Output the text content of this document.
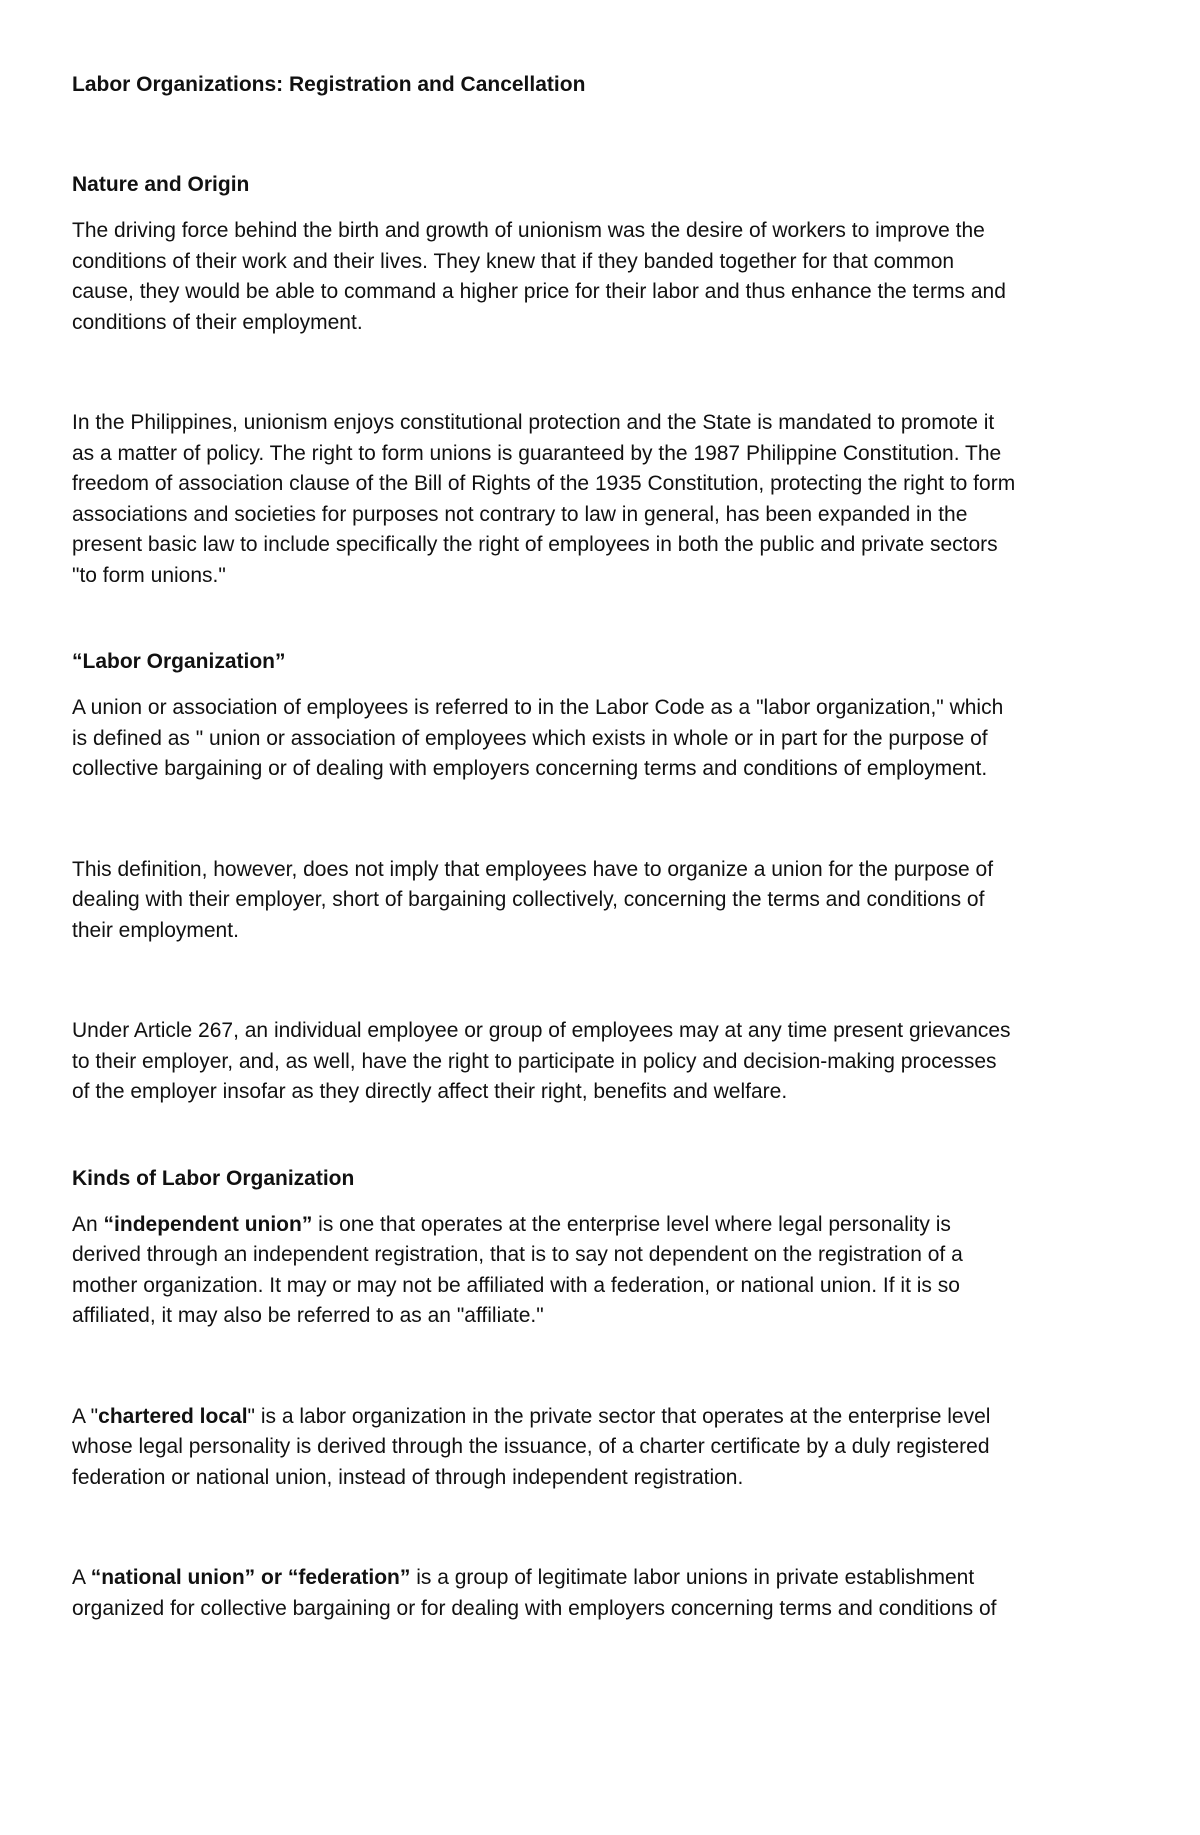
Labor Organizations: Registration and Cancellation
Nature and Origin

The driving force behind the birth and growth of unionism was the desire of workers to improve the
conditions of their work and their lives. They knew that if they banded together for that common
cause, they would be able to command a higher price for their labor and thus enhance the terms and
conditions of their employment.

In the Philippines, unionism enjoys constitutional protection and the State is mandated to promote it
as a matter of policy. The right to form unions is guaranteed by the 1987 Philippine Constitution. The
freedom of association clause of the Bill of Rights of the 1935 Constitution, protecting the right to form
associations and societies for purposes not contrary to law in general, has been expanded in the
present basic law to include specifically the right of employees in both the public and private sectors
"to form unions."

“Labor Organization”

A union or association of employees is referred to in the Labor Code as a "labor organization," which
is defined as " union or association of employees which exists in whole or in part for the purpose of
collective bargaining or of dealing with employers concerning terms and conditions of employment.

This definition, however, does not imply that employees have to organize a union for the purpose of
dealing with their employer, short of bargaining collectively, concerning the terms and conditions of
their employment.

Under Article 267, an individual employee or group of employees may at any time present grievances
to their employer, and, as well, have the right to participate in policy and decision-making processes
of the employer insofar as they directly affect their right, benefits and welfare.

Kinds of Labor Organization

An “independent union” is one that operates at the enterprise level where legal personality is
derived through an independent registration, that is to say not dependent on the registration of a
mother organization. It may or may not be affiliated with a federation, or national union. If it is so
affiliated, it may also be referred to as an "affiliate."

A "chartered local" is a labor organization in the private sector that operates at the enterprise level
whose legal personality is derived through the issuance, of a charter certificate by a duly registered
federation or national union, instead of through independent registration.

A “national union” or “federation” is a group of legitimate labor unions in private establishment
organized for collective bargaining or for dealing with employers concerning terms and conditions of
